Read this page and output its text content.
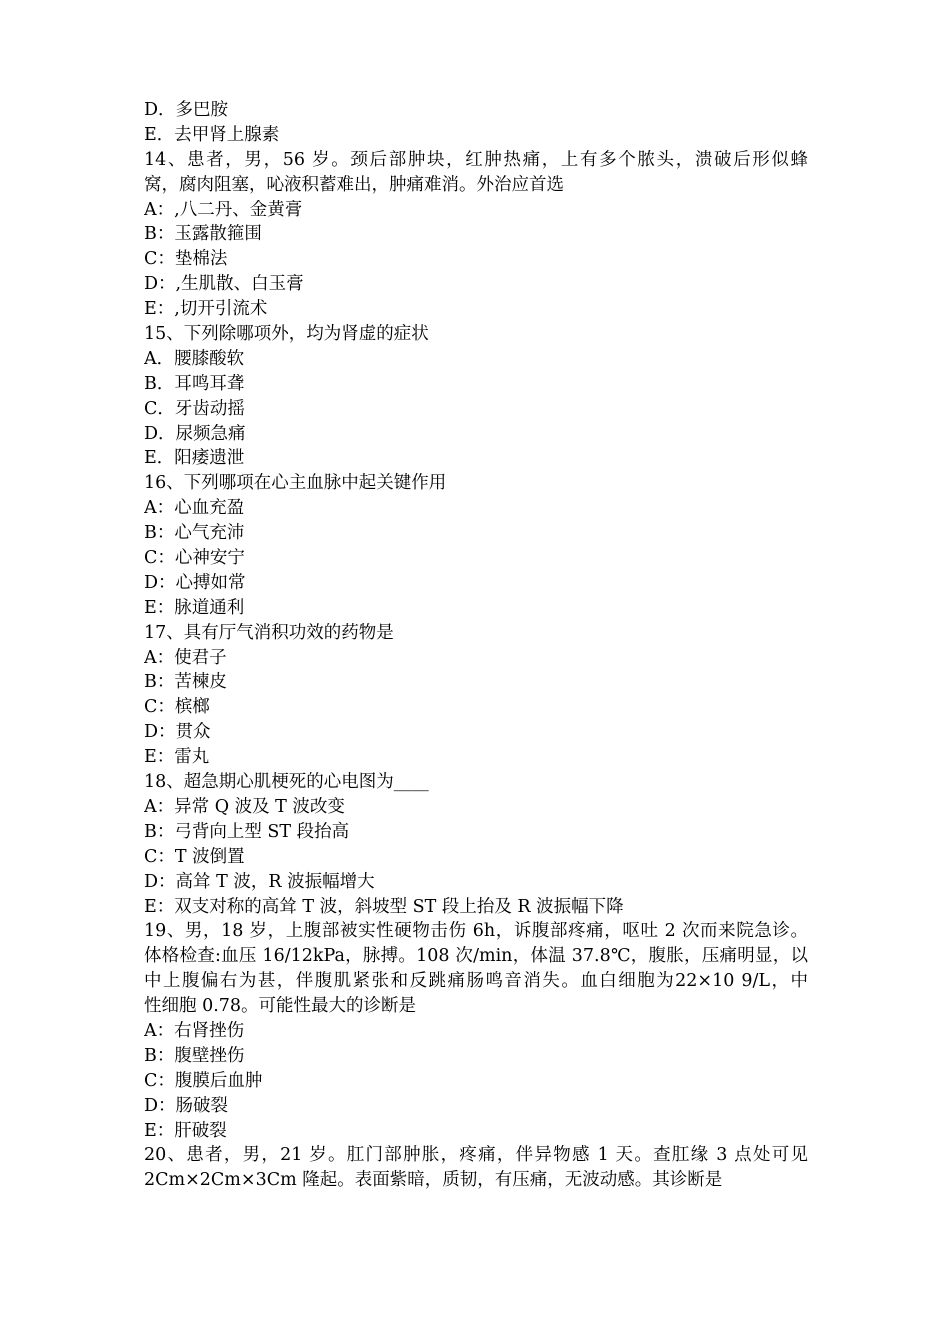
D．多巴胺
E．去甲肾上腺素
14、患者，男，56 岁。颈后部肿块，红肿热痛，上有多个脓头，溃破后形似蜂
窝，腐肉阻塞，吣液积蓄难出，肿痛难消。外治应首选
A：,八二丹、金黄膏
B：玉露散箍围
C：垫棉法
D：,生肌散、白玉膏
E：,切开引流术
15、下列除哪项外，均为肾虚的症状
A．腰膝酸软
B．耳鸣耳聋
C．牙齿动摇
D．尿频急痛
E．阳痿遗泄
16、下列哪项在心主血脉中起关键作用
A：心血充盈
B：心气充沛
C：心神安宁
D：心搏如常
E：脉道通利
17、具有厅气消积功效的药物是
A：使君子
B：苦楝皮
C：槟榔
D：贯众
E：雷丸
18、超急期心肌梗死的心电图为____
A：异常 Q 波及 T 波改变
B：弓背向上型 ST 段抬高
C：T 波倒置
D：高耸 T 波，R 波振幅增大
E：双支对称的高耸 T 波，斜坡型 ST 段上抬及 R 波振幅下降
19、男，18 岁，上腹部被实性硬物击伤 6h，诉腹部疼痛，呕吐 2 次而来院急诊。
体格检查:血压 16/12kPa，脉搏。108 次/min，体温 37.8℃，腹胀，压痛明显，以
中上腹偏右为甚，伴腹肌紧张和反跳痛肠鸣音消失。血白细胞为22×10 9/L，中
性细胞 0.78。可能性最大的诊断是
A：右肾挫伤
B：腹壁挫伤
C：腹膜后血肿
D：肠破裂
E：肝破裂
20、患者，男，21 岁。肛门部肿胀，疼痛，伴异物感 1 天。查肛缘 3 点处可见
2Cm×2Cm×3Cm 隆起。表面紫暗，质韧，有压痛，无波动感。其诊断是
